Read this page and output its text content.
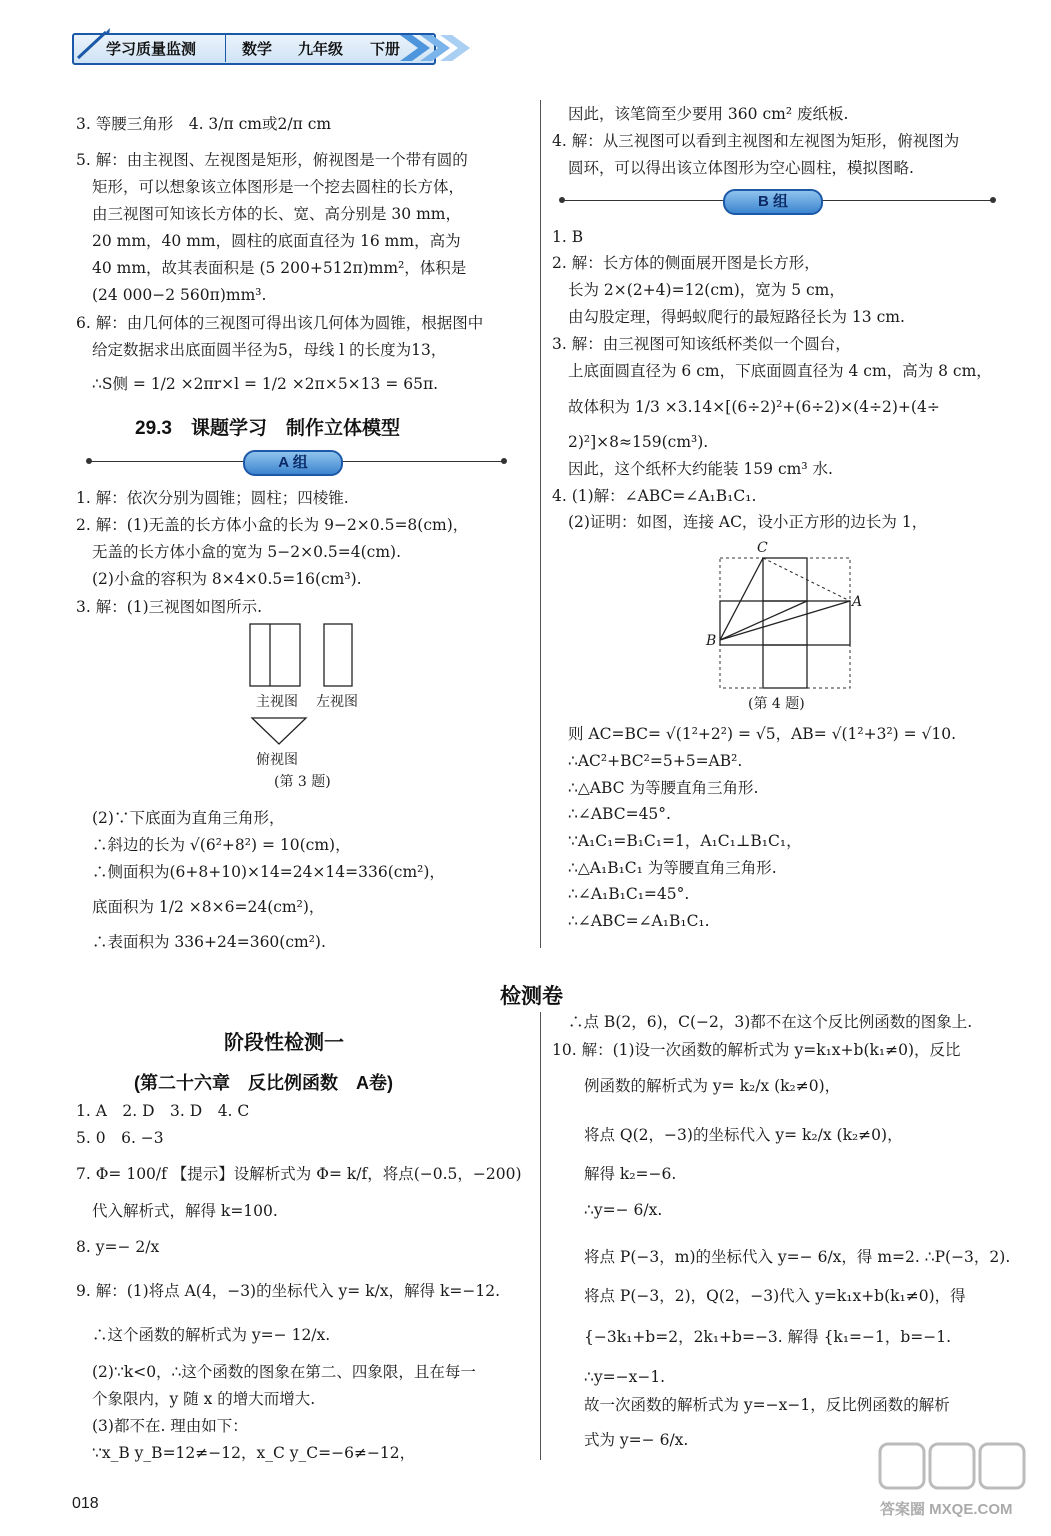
学习质量监测	数学 九年级 下册
3. 等腰三角形　4. 3/π cm或2/π cm
5. 解：由主视图、左视图是矩形，俯视图是一个带有圆的
矩形，可以想象该立体图形是一个挖去圆柱的长方体，
由三视图可知该长方体的长、宽、高分别是 30 mm，
20 mm，40 mm，圆柱的底面直径为 16 mm，高为
40 mm，故其表面积是 (5 200+512π)mm²，体积是
(24 000−2 560π)mm³.
6. 解：由几何体的三视图可得出该几何体为圆锥，根据图中
给定数据求出底面圆半径为5，母线 l 的长度为13，
∴S侧 = 1/2 ×2πr×l = 1/2 ×2π×5×13 = 65π.
29.3　课题学习　制作立体模型
A 组
1. 解：依次分别为圆锥；圆柱；四棱锥.
2. 解：(1)无盖的长方体小盒的长为 9−2×0.5=8(cm)，
无盖的长方体小盒的宽为 5−2×0.5=4(cm).
(2)小盒的容积为 8×4×0.5=16(cm³).
3. 解：(1)三视图如图所示.
主视图 左视图
俯视图
(第 3 题)
(2)∵下底面为直角三角形，
∴斜边的长为 √(6²+8²) = 10(cm)，
∴侧面积为(6+8+10)×14=24×14=336(cm²)，
底面积为 1/2 ×8×6=24(cm²)，
∴表面积为 336+24=360(cm²).
因此，该笔筒至少要用 360 cm² 废纸板.
4. 解：从三视图可以看到主视图和左视图为矩形，俯视图为
圆环，可以得出该立体图形为空心圆柱，模拟图略.
B 组
1. B
2. 解：长方体的侧面展开图是长方形，
长为 2×(2+4)=12(cm)，宽为 5 cm，
由勾股定理，得蚂蚁爬行的最短路径长为 13 cm.
3. 解：由三视图可知该纸杯类似一个圆台，
上底面圆直径为 6 cm，下底面圆直径为 4 cm，高为 8 cm，
故体积为 1/3 ×3.14×[(6÷2)²+(6÷2)×(4÷2)+(4÷
2)²]×8≈159(cm³).
因此，这个纸杯大约能装 159 cm³ 水.
4. (1)解：∠ABC=∠A₁B₁C₁.
(2)证明：如图，连接 AC，设小正方形的边长为 1，
C
A
B
(第 4 题)
则 AC=BC= √(1²+2²) = √5，AB= √(1²+3²) = √10.
∴AC²+BC²=5+5=AB².
∴△ABC 为等腰直角三角形.
∴∠ABC=45°.
∵A₁C₁=B₁C₁=1，A₁C₁⊥B₁C₁，
∴△A₁B₁C₁ 为等腰直角三角形.
∴∠A₁B₁C₁=45°.
∴∠ABC=∠A₁B₁C₁.
检测卷
阶段性检测一
(第二十六章　反比例函数　A卷)
1. A　2. D　3. D　4. C
5. 0　6. −3
7. Φ= 100/f 【提示】设解析式为 Φ= k/f，将点(−0.5，−200)
代入解析式，解得 k=100.
8. y=− 2/x
9. 解：(1)将点 A(4，−3)的坐标代入 y= k/x，解得 k=−12.
∴这个函数的解析式为 y=− 12/x.
(2)∵k<0，∴这个函数的图象在第二、四象限，且在每一
个象限内，y 随 x 的增大而增大.
(3)都不在. 理由如下：
∵x_B y_B=12≠−12，x_C y_C=−6≠−12，
∴点 B(2，6)，C(−2，3)都不在这个反比例函数的图象上.
10. 解：(1)设一次函数的解析式为 y=k₁x+b(k₁≠0)，反比
例函数的解析式为 y= k₂/x (k₂≠0)，
将点 Q(2，−3)的坐标代入 y= k₂/x (k₂≠0)，
解得 k₂=−6.
∴y=− 6/x.
将点 P(−3，m)的坐标代入 y=− 6/x，得 m=2. ∴P(−3，2).
将点 P(−3，2)，Q(2，−3)代入 y=k₁x+b(k₁≠0)，得
{−3k₁+b=2，2k₁+b=−3. 解得 {k₁=−1，b=−1.
∴y=−x−1.
故一次函数的解析式为 y=−x−1，反比例函数的解析
式为 y=− 6/x.
018	答案圈 MXQE.COM
